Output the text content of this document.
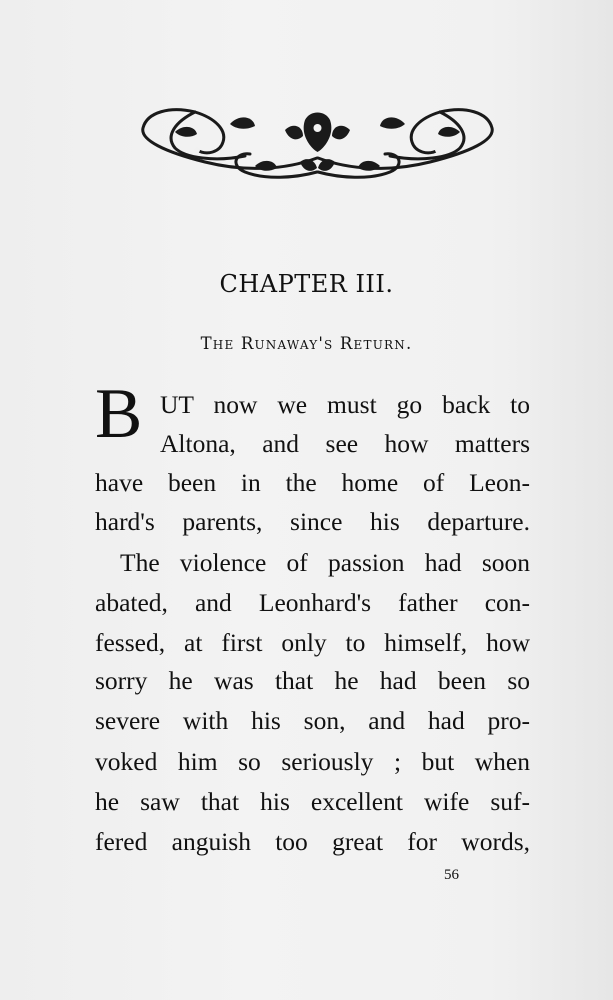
CHAPTER III.
The Runaway's Return.
B UT now we must go back to

Altona, and see how matters

have been in the home of Leon-

hard's parents, since his departure.

The violence of passion had soon

abated, and Leonhard's father con-

fessed, at first only to himself, how

sorry he was that he had been so

severe with his son, and had pro-

voked him so seriously ; but when

he saw that his excellent wife suf-

fered anguish too great for words,

56
